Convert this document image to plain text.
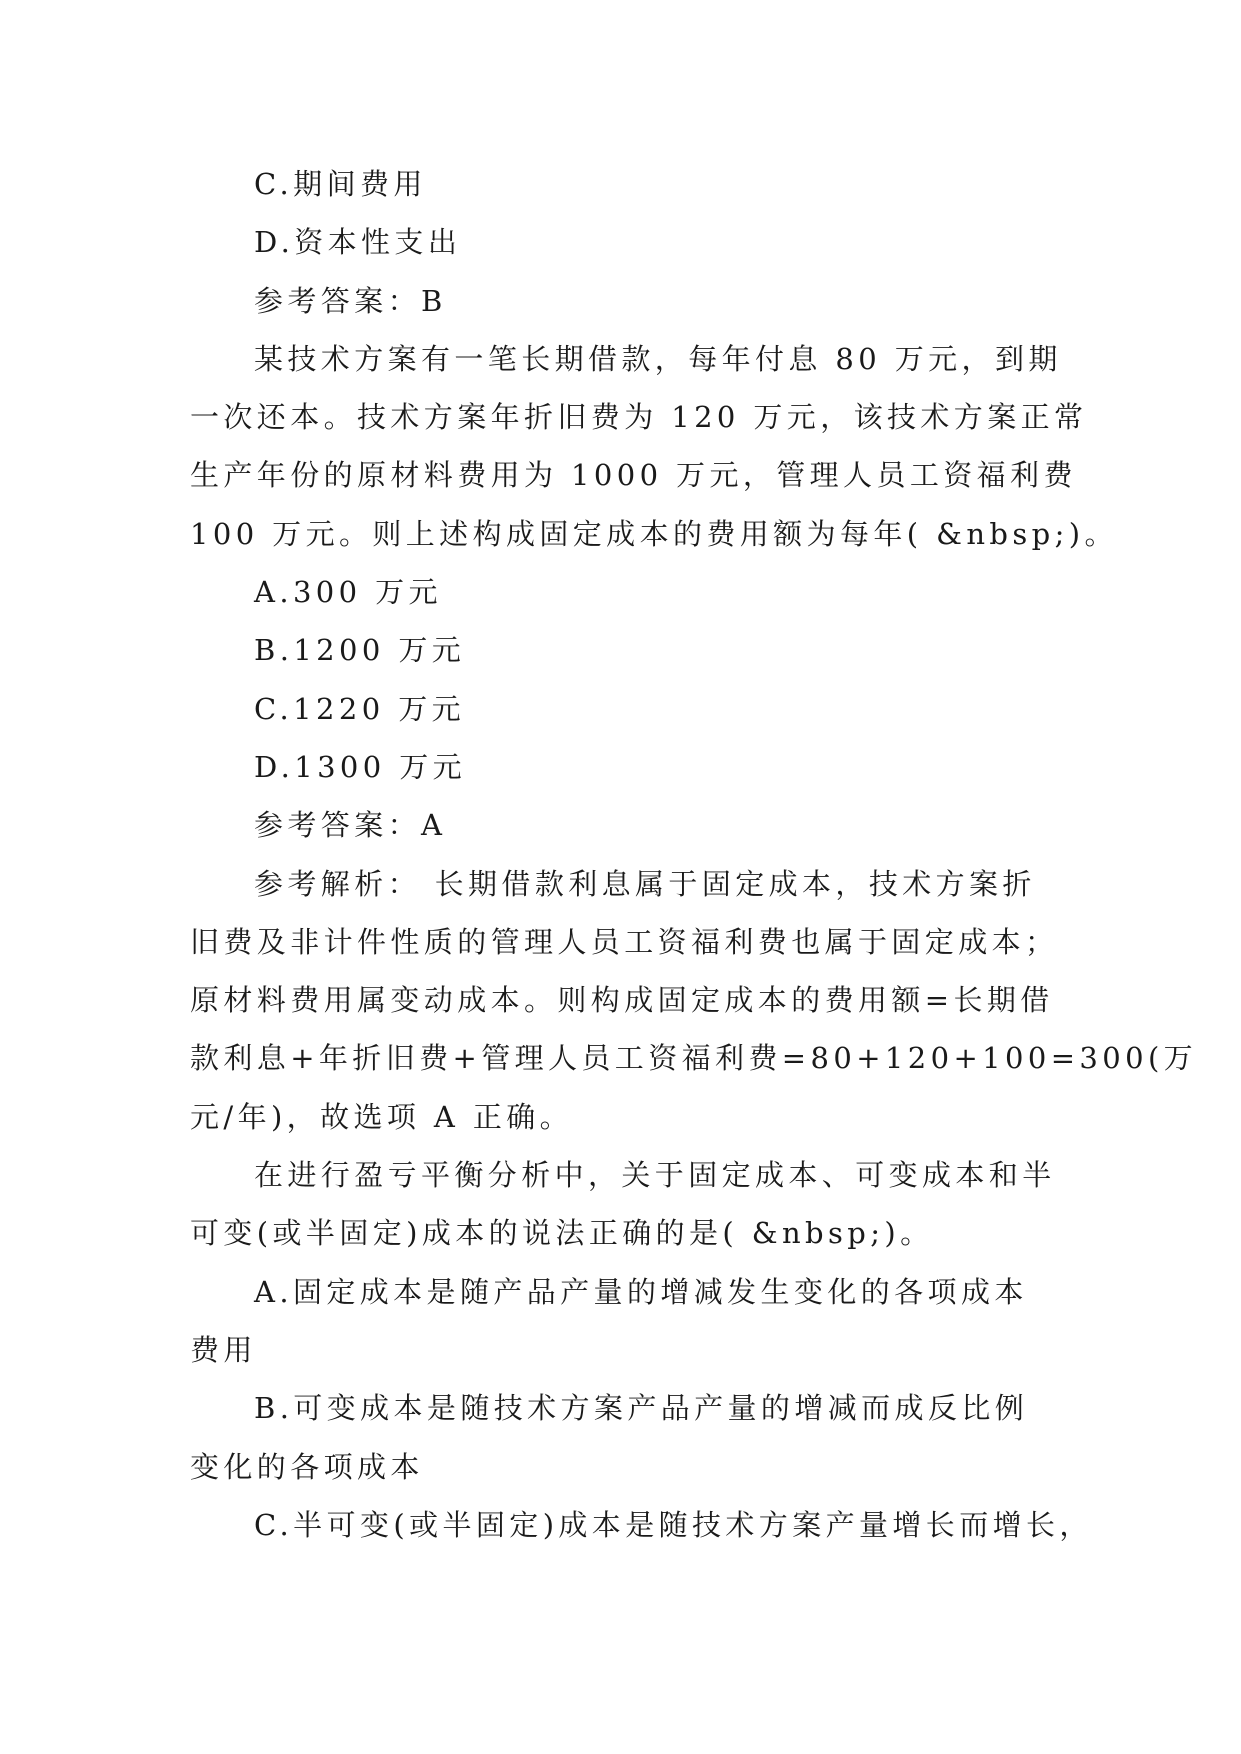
C.期间费用
D.资本性支出
参考答案：B
某技术方案有一笔长期借款，每年付息 80 万元，到期
一次还本。技术方案年折旧费为 120 万元，该技术方案正常
生产年份的原材料费用为 1000 万元，管理人员工资福利费
100 万元。则上述构成固定成本的费用额为每年( &nbsp;)。
A.300 万元
B.1200 万元
C.1220 万元
D.1300 万元
参考答案：A
参考解析： 长期借款利息属于固定成本，技术方案折
旧费及非计件性质的管理人员工资福利费也属于固定成本；
原材料费用属变动成本。则构成固定成本的费用额=长期借
款利息+年折旧费+管理人员工资福利费=80+120+100=300(万
元/年)，故选项 A 正确。
在进行盈亏平衡分析中，关于固定成本、可变成本和半
可变(或半固定)成本的说法正确的是( &nbsp;)。
A.固定成本是随产品产量的增减发生变化的各项成本
费用
B.可变成本是随技术方案产品产量的增减而成反比例
变化的各项成本
C.半可变(或半固定)成本是随技术方案产量增长而增长，
